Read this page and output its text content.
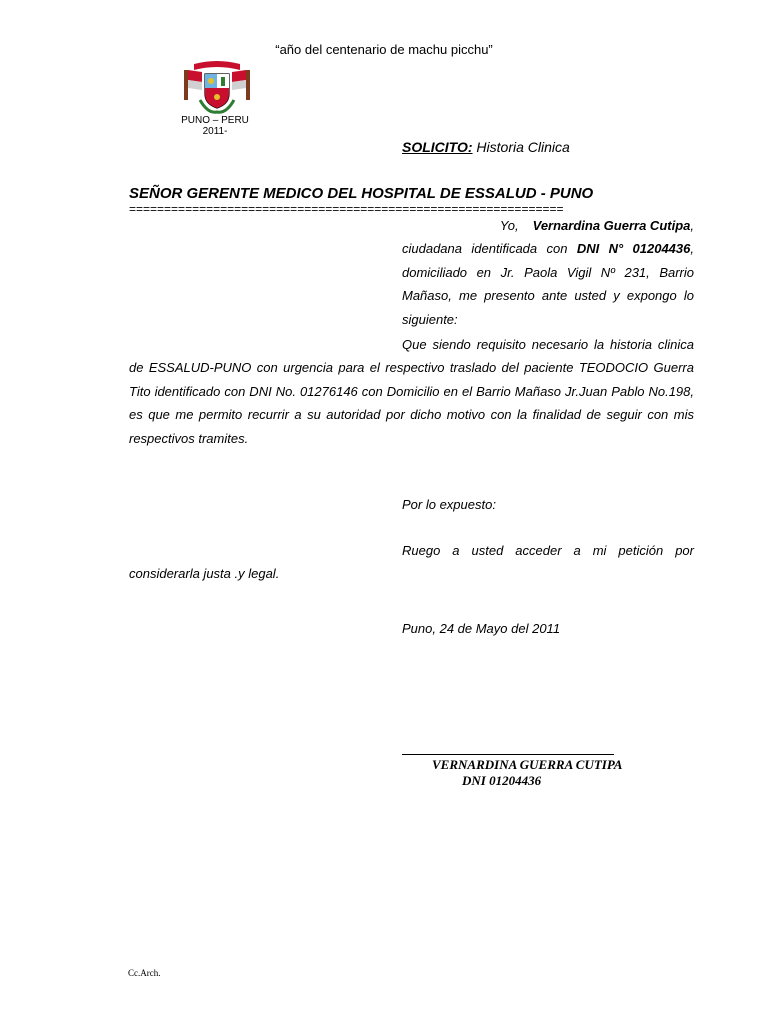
“año del centenario de machu picchu”
PUNO – PERU
2011-
SOLICITO: Historia Clinica
SEÑOR GERENTE MEDICO DEL HOSPITAL DE ESSALUD - PUNO
==============================================================
Yo, Vernardina Guerra Cutipa,
ciudadana identificada con DNI N° 01204436, domiciliado en Jr. Paola Vigil Nº 231, Barrio Mañaso, me presento ante usted y expongo lo siguiente:
Que siendo requisito necesario la historia clinica de ESSALUD-PUNO con urgencia para el respectivo traslado del paciente TEODOCIO Guerra Tito identificado con DNI No. 01276146 con Domicilio en el Barrio Mañaso Jr.Juan Pablo No.198, es que me permito recurrir a su autoridad por dicho motivo con la finalidad de seguir con mis respectivos tramites.
Por lo expuesto:
Ruego a usted acceder a mi petición por considerarla justa .y legal.
Puno, 24 de Mayo del 2011
VERNARDINA GUERRA CUTIPA
DNI 01204436
Cc.Arch.
